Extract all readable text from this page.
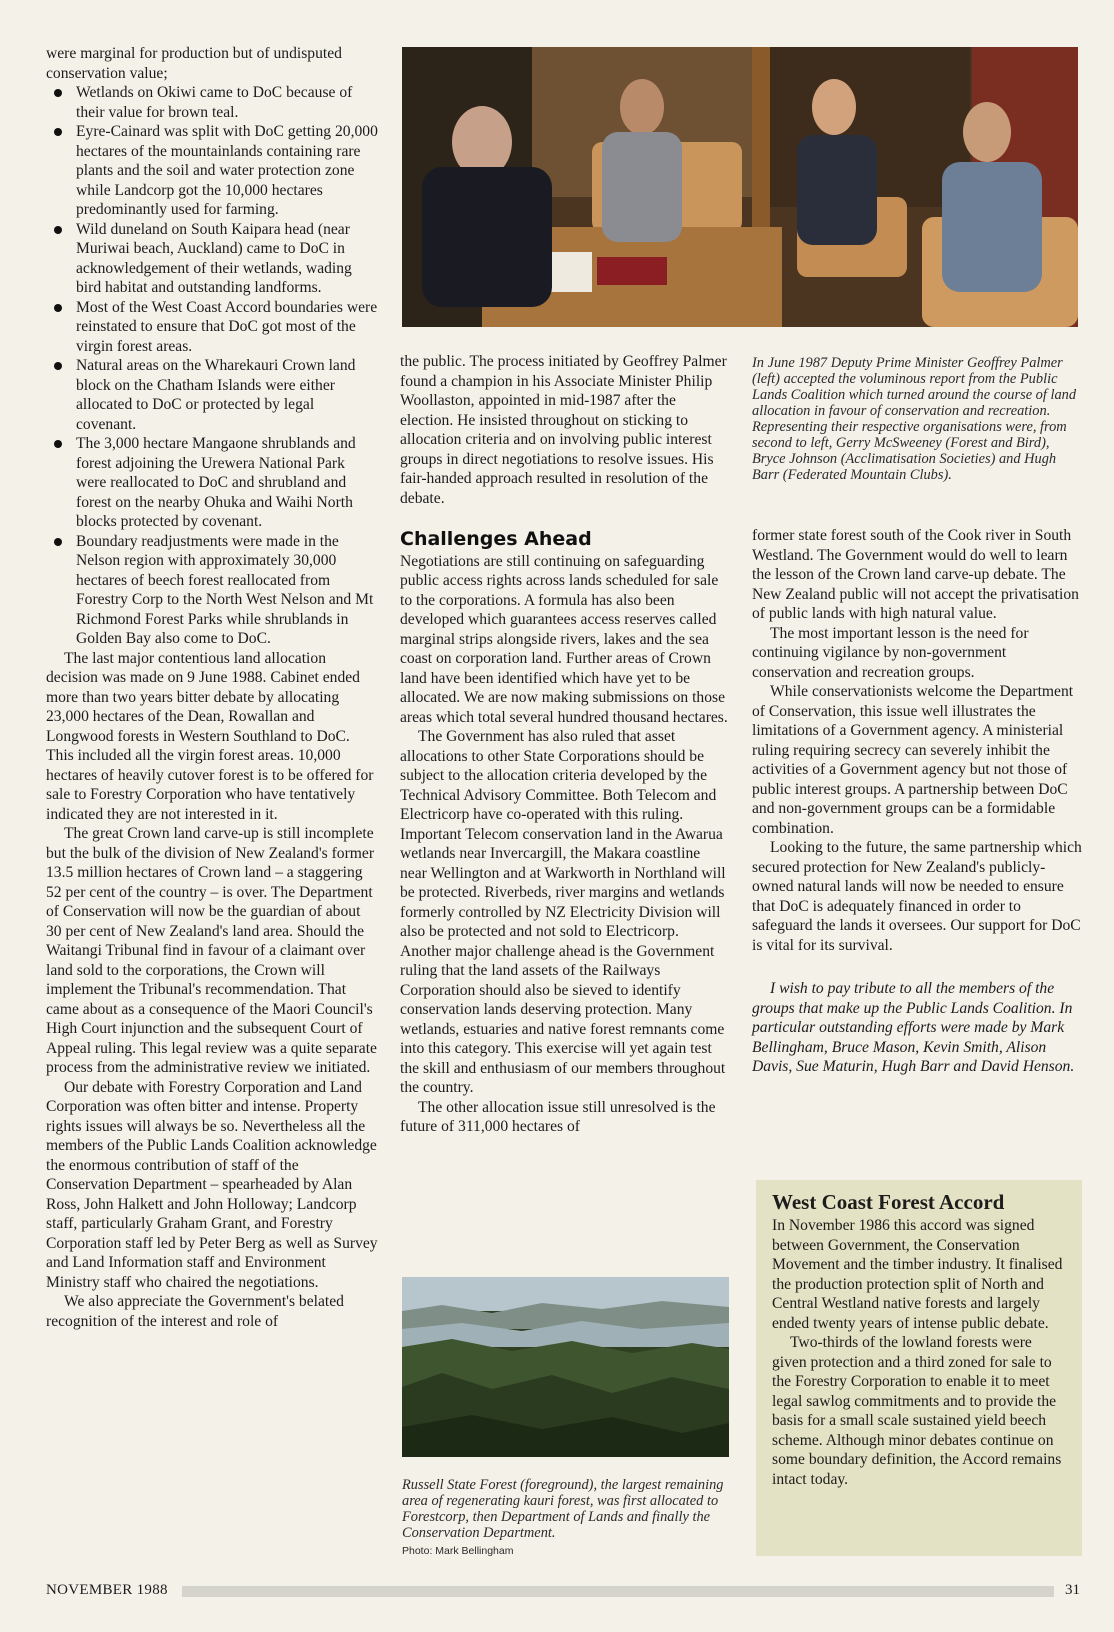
were marginal for production but of undisputed conservation value;

Wetlands on Okiwi came to DoC because of their value for brown teal.
Eyre-Cainard was split with DoC getting 20,000 hectares of the mountainlands containing rare plants and the soil and water protection zone while Landcorp got the 10,000 hectares predominantly used for farming.
Wild duneland on South Kaipara head (near Muriwai beach, Auckland) came to DoC in acknowledgement of their wetlands, wading bird habitat and outstanding landforms.
Most of the West Coast Accord boundaries were reinstated to ensure that DoC got most of the virgin forest areas.
Natural areas on the Wharekauri Crown land block on the Chatham Islands were either allocated to DoC or protected by legal covenant.
The 3,000 hectare Mangaone shrublands and forest adjoining the Urewera National Park were reallocated to DoC and shrubland and forest on the nearby Ohuka and Waihi North blocks protected by covenant.
Boundary readjustments were made in the Nelson region with approximately 30,000 hectares of beech forest reallocated from Forestry Corp to the North West Nelson and Mt Richmond Forest Parks while shrublands in Golden Bay also come to DoC.

The last major contentious land allocation decision was made on 9 June 1988. Cabinet ended more than two years bitter debate by allocating 23,000 hectares of the Dean, Rowallan and Longwood forests in Western Southland to DoC. This included all the virgin forest areas. 10,000 hectares of heavily cutover forest is to be offered for sale to Forestry Corporation who have tentatively indicated they are not interested in it.

The great Crown land carve-up is still incomplete but the bulk of the division of New Zealand's former 13.5 million hectares of Crown land – a staggering 52 per cent of the country – is over. The Department of Conservation will now be the guardian of about 30 per cent of New Zealand's land area. Should the Waitangi Tribunal find in favour of a claimant over land sold to the corporations, the Crown will implement the Tribunal's recommendation. That came about as a consequence of the Maori Council's High Court injunction and the subsequent Court of Appeal ruling. This legal review was a quite separate process from the administrative review we initiated.

Our debate with Forestry Corporation and Land Corporation was often bitter and intense. Property rights issues will always be so. Nevertheless all the members of the Public Lands Coalition acknowledge the enormous contribution of staff of the Conservation Department – spearheaded by Alan Ross, John Halkett and John Holloway; Landcorp staff, particularly Graham Grant, and Forestry Corporation staff led by Peter Berg as well as Survey and Land Information staff and Environment Ministry staff who chaired the negotiations.

We also appreciate the Government's belated recognition of the interest and role of

In June 1987 Deputy Prime Minister Geoffrey Palmer (left) accepted the voluminous report from the Public Lands Coalition which turned around the course of land allocation in favour of conservation and recreation. Representing their respective organisations were, from second to left, Gerry McSweeney (Forest and Bird), Bryce Johnson (Acclimatisation Societies) and Hugh Barr (Federated Mountain Clubs).

the public. The process initiated by Geoffrey Palmer found a champion in his Associate Minister Philip Woollaston, appointed in mid-1987 after the election. He insisted throughout on sticking to allocation criteria and on involving public interest groups in direct negotiations to resolve issues. His fair-handed approach resulted in resolution of the debate.

Challenges Ahead

Negotiations are still continuing on safeguarding public access rights across lands scheduled for sale to the corporations. A formula has also been developed which guarantees access reserves called marginal strips alongside rivers, lakes and the sea coast on corporation land. Further areas of Crown land have been identified which have yet to be allocated. We are now making submissions on those areas which total several hundred thousand hectares.

The Government has also ruled that asset allocations to other State Corporations should be subject to the allocation criteria developed by the Technical Advisory Committee. Both Telecom and Electricorp have co-operated with this ruling. Important Telecom conservation land in the Awarua wetlands near Invercargill, the Makara coastline near Wellington and at Warkworth in Northland will be protected. Riverbeds, river margins and wetlands formerly controlled by NZ Electricity Division will also be protected and not sold to Electricorp. Another major challenge ahead is the Government ruling that the land assets of the Railways Corporation should also be sieved to identify conservation lands deserving protection. Many wetlands, estuaries and native forest remnants come into this category. This exercise will yet again test the skill and enthusiasm of our members throughout the country.

The other allocation issue still unresolved is the future of 311,000 hectares of

Russell State Forest (foreground), the largest remaining area of regenerating kauri forest, was first allocated to Forestcorp, then Department of Lands and finally the Conservation Department.
Photo: Mark Bellingham

former state forest south of the Cook river in South Westland. The Government would do well to learn the lesson of the Crown land carve-up debate. The New Zealand public will not accept the privatisation of public lands with high natural value.

The most important lesson is the need for continuing vigilance by non-government conservation and recreation groups.

While conservationists welcome the Department of Conservation, this issue well illustrates the limitations of a Government agency. A ministerial ruling requiring secrecy can severely inhibit the activities of a Government agency but not those of public interest groups. A partnership between DoC and non-government groups can be a formidable combination.

Looking to the future, the same partnership which secured protection for New Zealand's publicly-owned natural lands will now be needed to ensure that DoC is adequately financed in order to safeguard the lands it oversees. Our support for DoC is vital for its survival.

I wish to pay tribute to all the members of the groups that make up the Public Lands Coalition. In particular outstanding efforts were made by Mark Bellingham, Bruce Mason, Kevin Smith, Alison Davis, Sue Maturin, Hugh Barr and David Henson.

West Coast Forest Accord

In November 1986 this accord was signed between Government, the Conservation Movement and the timber industry. It finalised the production protection split of North and Central Westland native forests and largely ended twenty years of intense public debate.

Two-thirds of the lowland forests were given protection and a third zoned for sale to the Forestry Corporation to enable it to meet legal sawlog commitments and to provide the basis for a small scale sustained yield beech scheme. Although minor debates continue on some boundary definition, the Accord remains intact today.

NOVEMBER 1988	31
